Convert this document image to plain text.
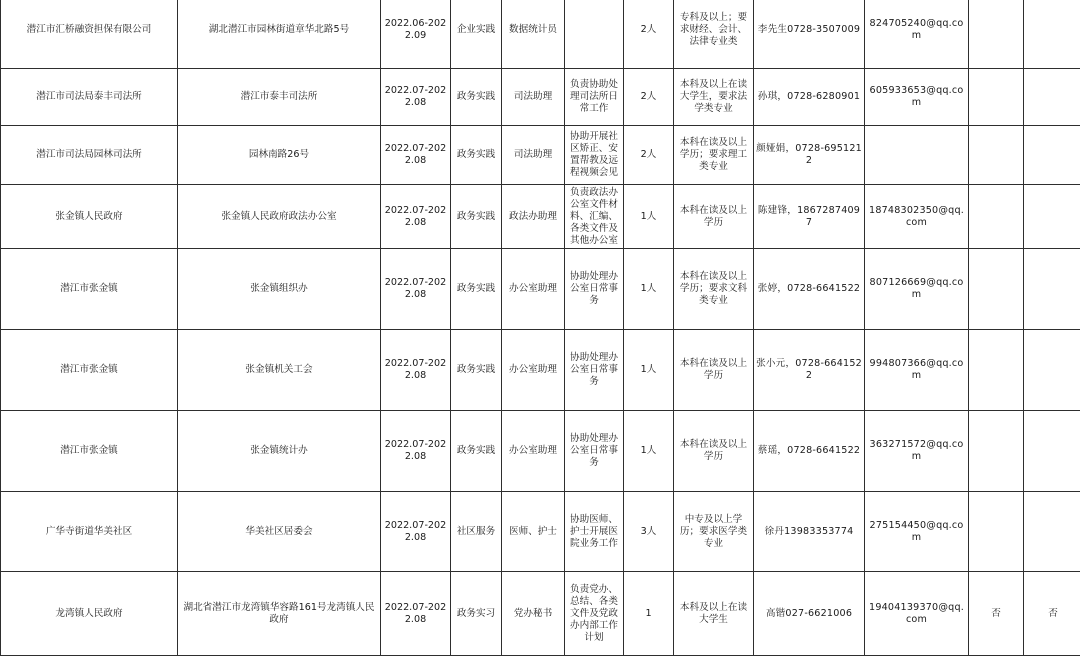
潜江市汇桥融资担保有限公司	湖北潜江市园林街道章华北路5号	2022.06-2022.09	企业实践	数据统计员		2人	专科及以上；要求财经、会计、法律专业类	李先生0728-3507009	824705240@qq.com		
潜江市司法局泰丰司法所	潜江市泰丰司法所	2022.07-2022.08	政务实践	司法助理	负责协助处理司法所日常工作	2人	本科及以上在读大学生，要求法学类专业	孙琪，0728-6280901	605933653@qq.com		
潜江市司法局园林司法所	园林南路26号	2022.07-2022.08	政务实践	司法助理	协助开展社区矫正、安置帮教及远程视频会见	2人	本科在读及以上学历；要求理工类专业	颜娅娟，0728-6951212			
张金镇人民政府	张金镇人民政府政法办公室	2022.07-2022.08	政务实践	政法办助理	负责政法办公室文件材料、汇编、各类文件及其他办公室	1人	本科在读及以上学历	陈建锋，18672874097	18748302350@qq.com		
潜江市张金镇	张金镇组织办	2022.07-2022.08	政务实践	办公室助理	协助处理办公室日常事务	1人	本科在读及以上学历；要求文科类专业	张婷，0728-6641522	807126669@qq.com		
潜江市张金镇	张金镇机关工会	2022.07-2022.08	政务实践	办公室助理	协助处理办公室日常事务	1人	本科在读及以上学历	张小元，0728-6641522	994807366@qq.com		
潜江市张金镇	张金镇统计办	2022.07-2022.08	政务实践	办公室助理	协助处理办公室日常事务	1人	本科在读及以上学历	蔡瑶，0728-6641522	363271572@qq.com		
广华寺街道华美社区	华美社区居委会	2022.07-2022.08	社区服务	医师、护士	协助医师、护士开展医院业务工作	3人	中专及以上学历；要求医学类专业	徐丹13983353774	275154450@qq.com		
龙湾镇人民政府	湖北省潜江市龙湾镇华容路161号龙湾镇人民政府	2022.07-2022.08	政务实习	党办秘书	负责党办、总结、各类文件及党政办内部工作计划	1	本科及以上在读大学生	高锴027-6621006	19404139370@qq.com	否	否
